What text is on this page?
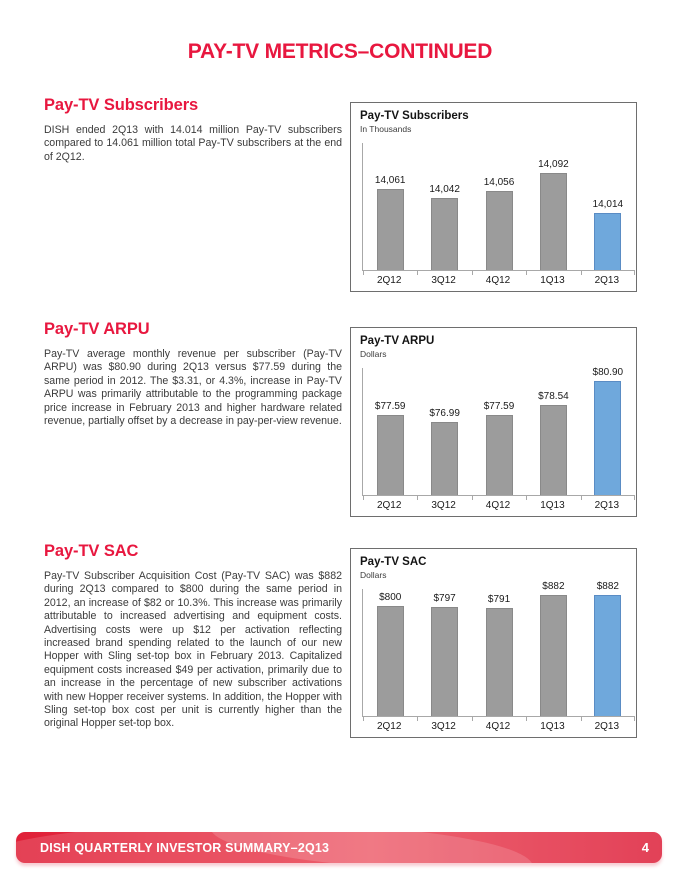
PAY-TV METRICS–CONTINUED
Pay-TV Subscribers

DISH ended 2Q13 with 14.014 million Pay-TV subscribers compared to 14.061 million total Pay-TV subscribers at the end of 2Q12.

Pay-TV ARPU

Pay-TV average monthly revenue per subscriber (Pay-TV ARPU) was $80.90 during 2Q13 versus $77.59 during the same period in 2012. The $3.31, or 4.3%, increase in Pay-TV ARPU was primarily attributable to the programming package price increase in February 2013 and higher hardware related revenue, partially offset by a decrease in pay-per-view revenue.

Pay-TV SAC

Pay-TV Subscriber Acquisition Cost (Pay-TV SAC) was $882 during 2Q13 compared to $800 during the same period in 2012, an increase of $82 or 10.3%. This increase was primarily attributable to increased advertising and equipment costs. Advertising costs were up $12 per activation reflecting increased brand spending related to the launch of our new Hopper with Sling set-top box in February 2013. Capitalized equipment costs increased $49 per activation, primarily due to an increase in the percentage of new subscriber activations with new Hopper receiver systems. In addition, the Hopper with Sling set-top box cost per unit is currently higher than the original Hopper set-top box.

Pay-TV Subscribers
In Thousands
14,061
14,042
14,056
14,092
14,014
2Q12	3Q12	4Q12	1Q13	2Q13
Pay-TV ARPU
Dollars
$77.59
$76.99
$77.59
$78.54
$80.90
2Q12	3Q12	4Q12	1Q13	2Q13
Pay-TV SAC
Dollars
$800	$797	$791
$882	$882
2Q12	3Q12	4Q12	1Q13	2Q13
DISH QUARTERLY INVESTOR SUMMARY–2Q13	4
